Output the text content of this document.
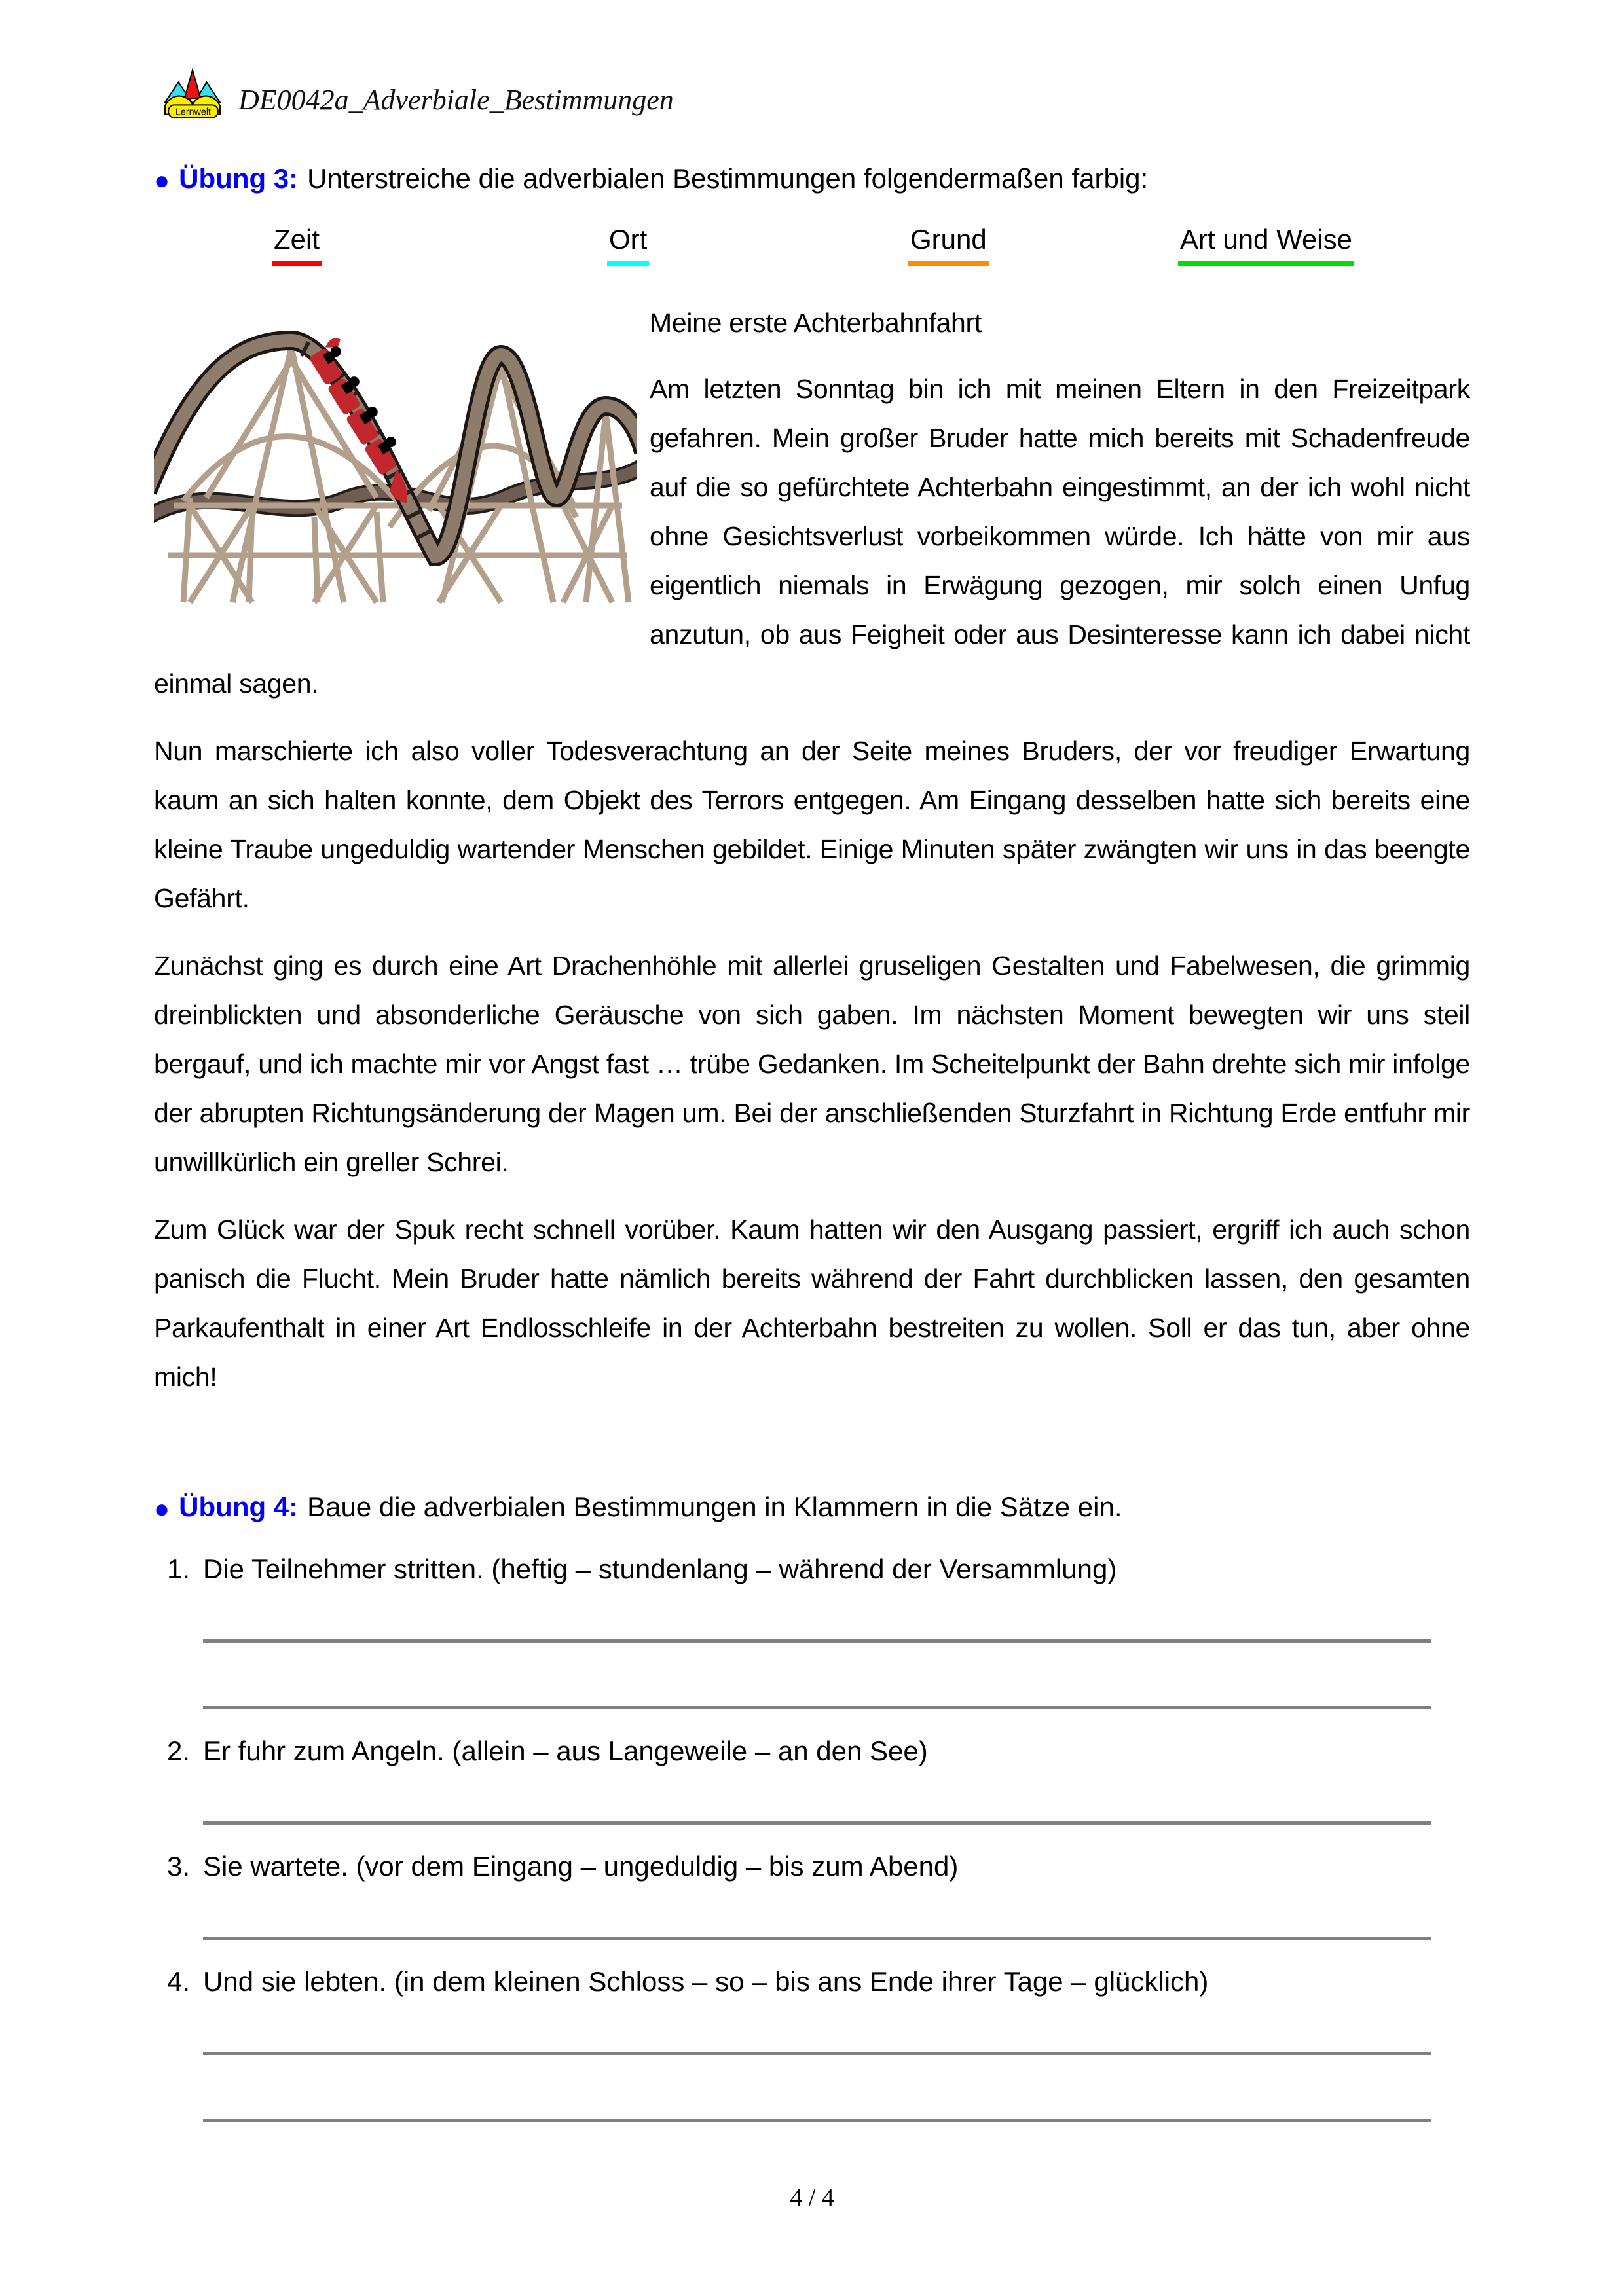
Lernwelt DE0042a_Adverbiale_Bestimmungen
● Übung 3: Unterstreiche die adverbialen Bestimmungen folgendermaßen farbig:
Zeit	Ort	Grund	Art und Weise
Meine erste Achterbahnfahrt

Am letzten Sonntag bin ich mit meinen Eltern in den Freizeitpark gefahren. Mein großer Bruder hatte mich bereits mit Schadenfreude auf die so gefürchtete Achterbahn eingestimmt, an der ich wohl nicht ohne Gesichtsverlust vorbeikommen würde. Ich hätte von mir aus eigentlich niemals in Erwägung gezogen, mir solch einen Unfug anzutun, ob aus Feigheit oder aus Desinteresse kann ich dabei nicht einmal sagen.

Nun marschierte ich also voller Todesverachtung an der Seite meines Bruders, der vor freudiger Erwartung kaum an sich halten konnte, dem Objekt des Terrors entgegen. Am Eingang desselben hatte sich bereits eine kleine Traube ungeduldig wartender Menschen gebildet. Einige Minuten später zwängten wir uns in das beengte Gefährt.

Zunächst ging es durch eine Art Drachenhöhle mit allerlei gruseligen Gestalten und Fabelwesen, die grimmig dreinblickten und absonderliche Geräusche von sich gaben. Im nächsten Moment bewegten wir uns steil bergauf, und ich machte mir vor Angst fast … trübe Gedanken. Im Scheitelpunkt der Bahn drehte sich mir infolge der abrupten Richtungsänderung der Magen um. Bei der anschließenden Sturzfahrt in Richtung Erde entfuhr mir unwillkürlich ein greller Schrei.

Zum Glück war der Spuk recht schnell vorüber. Kaum hatten wir den Ausgang passiert, ergriff ich auch schon panisch die Flucht. Mein Bruder hatte nämlich bereits während der Fahrt durchblicken lassen, den gesamten Parkaufenthalt in einer Art Endlosschleife in der Achterbahn bestreiten zu wollen. Soll er das tun, aber ohne mich!

● Übung 4: Baue die adverbialen Bestimmungen in Klammern in die Sätze ein.
1. Die Teilnehmer stritten. (heftig – stundenlang – während der Versammlung)
2. Er fuhr zum Angeln. (allein – aus Langeweile – an den See)
3. Sie wartete. (vor dem Eingang – ungeduldig – bis zum Abend)
4. Und sie lebten. (in dem kleinen Schloss – so – bis ans Ende ihrer Tage – glücklich)
4 / 4
